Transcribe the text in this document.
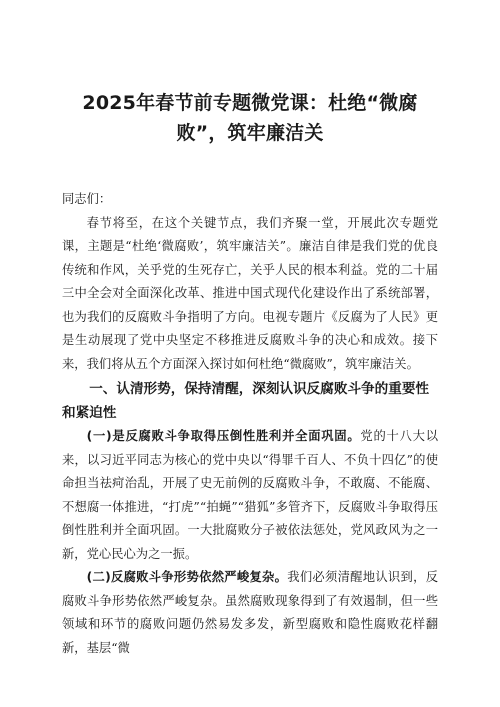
2025年春节前专题微党课：杜绝“微腐败”，筑牢廉洁关

同志们：

春节将至，在这个关键节点，我们齐聚一堂，开展此次专题党课，主题是“杜绝‘微腐败’，筑牢廉洁关”。廉洁自律是我们党的优良传统和作风，关乎党的生死存亡，关乎人民的根本利益。党的二十届三中全会对全面深化改革、推进中国式现代化建设作出了系统部署，也为我们的反腐败斗争指明了方向。电视专题片《反腐为了人民》更是生动展现了党中央坚定不移推进反腐败斗争的决心和成效。接下来，我们将从五个方面深入探讨如何杜绝“微腐败”，筑牢廉洁关。

一、认清形势，保持清醒，深刻认识反腐败斗争的重要性和紧迫性

(一)是反腐败斗争取得压倒性胜利并全面巩固。党的十八大以来，以习近平同志为核心的党中央以“得罪千百人、不负十四亿”的使命担当祛疴治乱，开展了史无前例的反腐败斗争，不敢腐、不能腐、不想腐一体推进，“打虎”“拍蝇”“猎狐”多管齐下，反腐败斗争取得压倒性胜利并全面巩固。一大批腐败分子被依法惩处，党风政风为之一新，党心民心为之一振。

(二)反腐败斗争形势依然严峻复杂。我们必须清醒地认识到，反腐败斗争形势依然严峻复杂。虽然腐败现象得到了有效遏制，但一些领域和环节的腐败问题仍然易发多发，新型腐败和隐性腐败花样翻新，基层“微
